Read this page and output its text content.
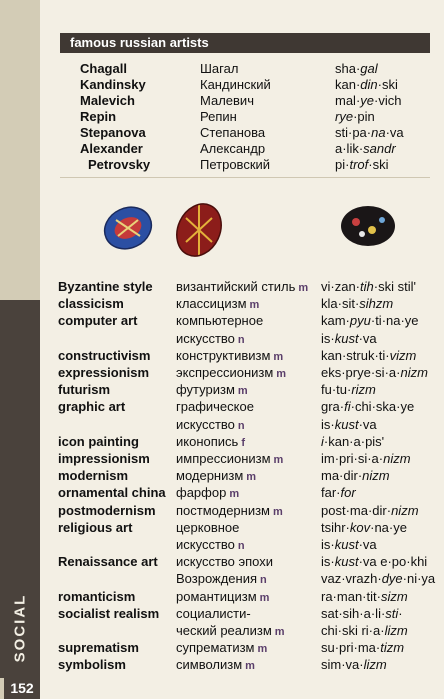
SOCIAL
152
famous russian artists
Chagall	Шагал	sha·gal
Kandinsky	Кандинский	kan·din·ski
Malevich	Малевич	mal·ye·vich
Repin	Репин	rye·pin
Stepanova	Степанова	sti·pa·na·va
Alexander	Александр	a·lik·sandr
Petrovsky	Петровский	pi·trof·ski
Byzantine style византийский стиль m vi·zan·tih·ski stil'
classicism	классицизм m	kla·sit·sihzm
computer art	компьютерное	kam·pyu·ti·na·ye
искусство n	is·kust·va
constructivism конструктивизм m	kan·struk·ti·vizm
expressionism экспрессионизм m	eks·prye·si·a·nizm
futurism	футуризм m	fu·tu·rizm
graphic art	графическое	gra·fi·chi·ska·ye
искусство n	is·kust·va
icon painting	иконопись f	i·kan·a·pis'
impressionism импрессионизм m	im·pri·si·a·nizm
modernism	модернизм m	ma·dir·nizm
ornamental china фарфор m	far·for
postmodernism постмодернизм m	post·ma·dir·nizm
religious art	церковное	tsihr·kov·na·ye
искусство n	is·kust·va
Renaissance art искусство эпохи	is·kust·va e·po·khi
Возрождения n	vaz·vrazh·dye·ni·ya
romanticism	романтицизм m	ra·man·tit·sizm
socialist realism социалисти-	sat·sih·a·li·sti·
ческий реализм m	chi·ski ri·a·lizm
suprematism	супрематизм m	su·pri·ma·tizm
symbolism	символизм m	sim·va·lizm
